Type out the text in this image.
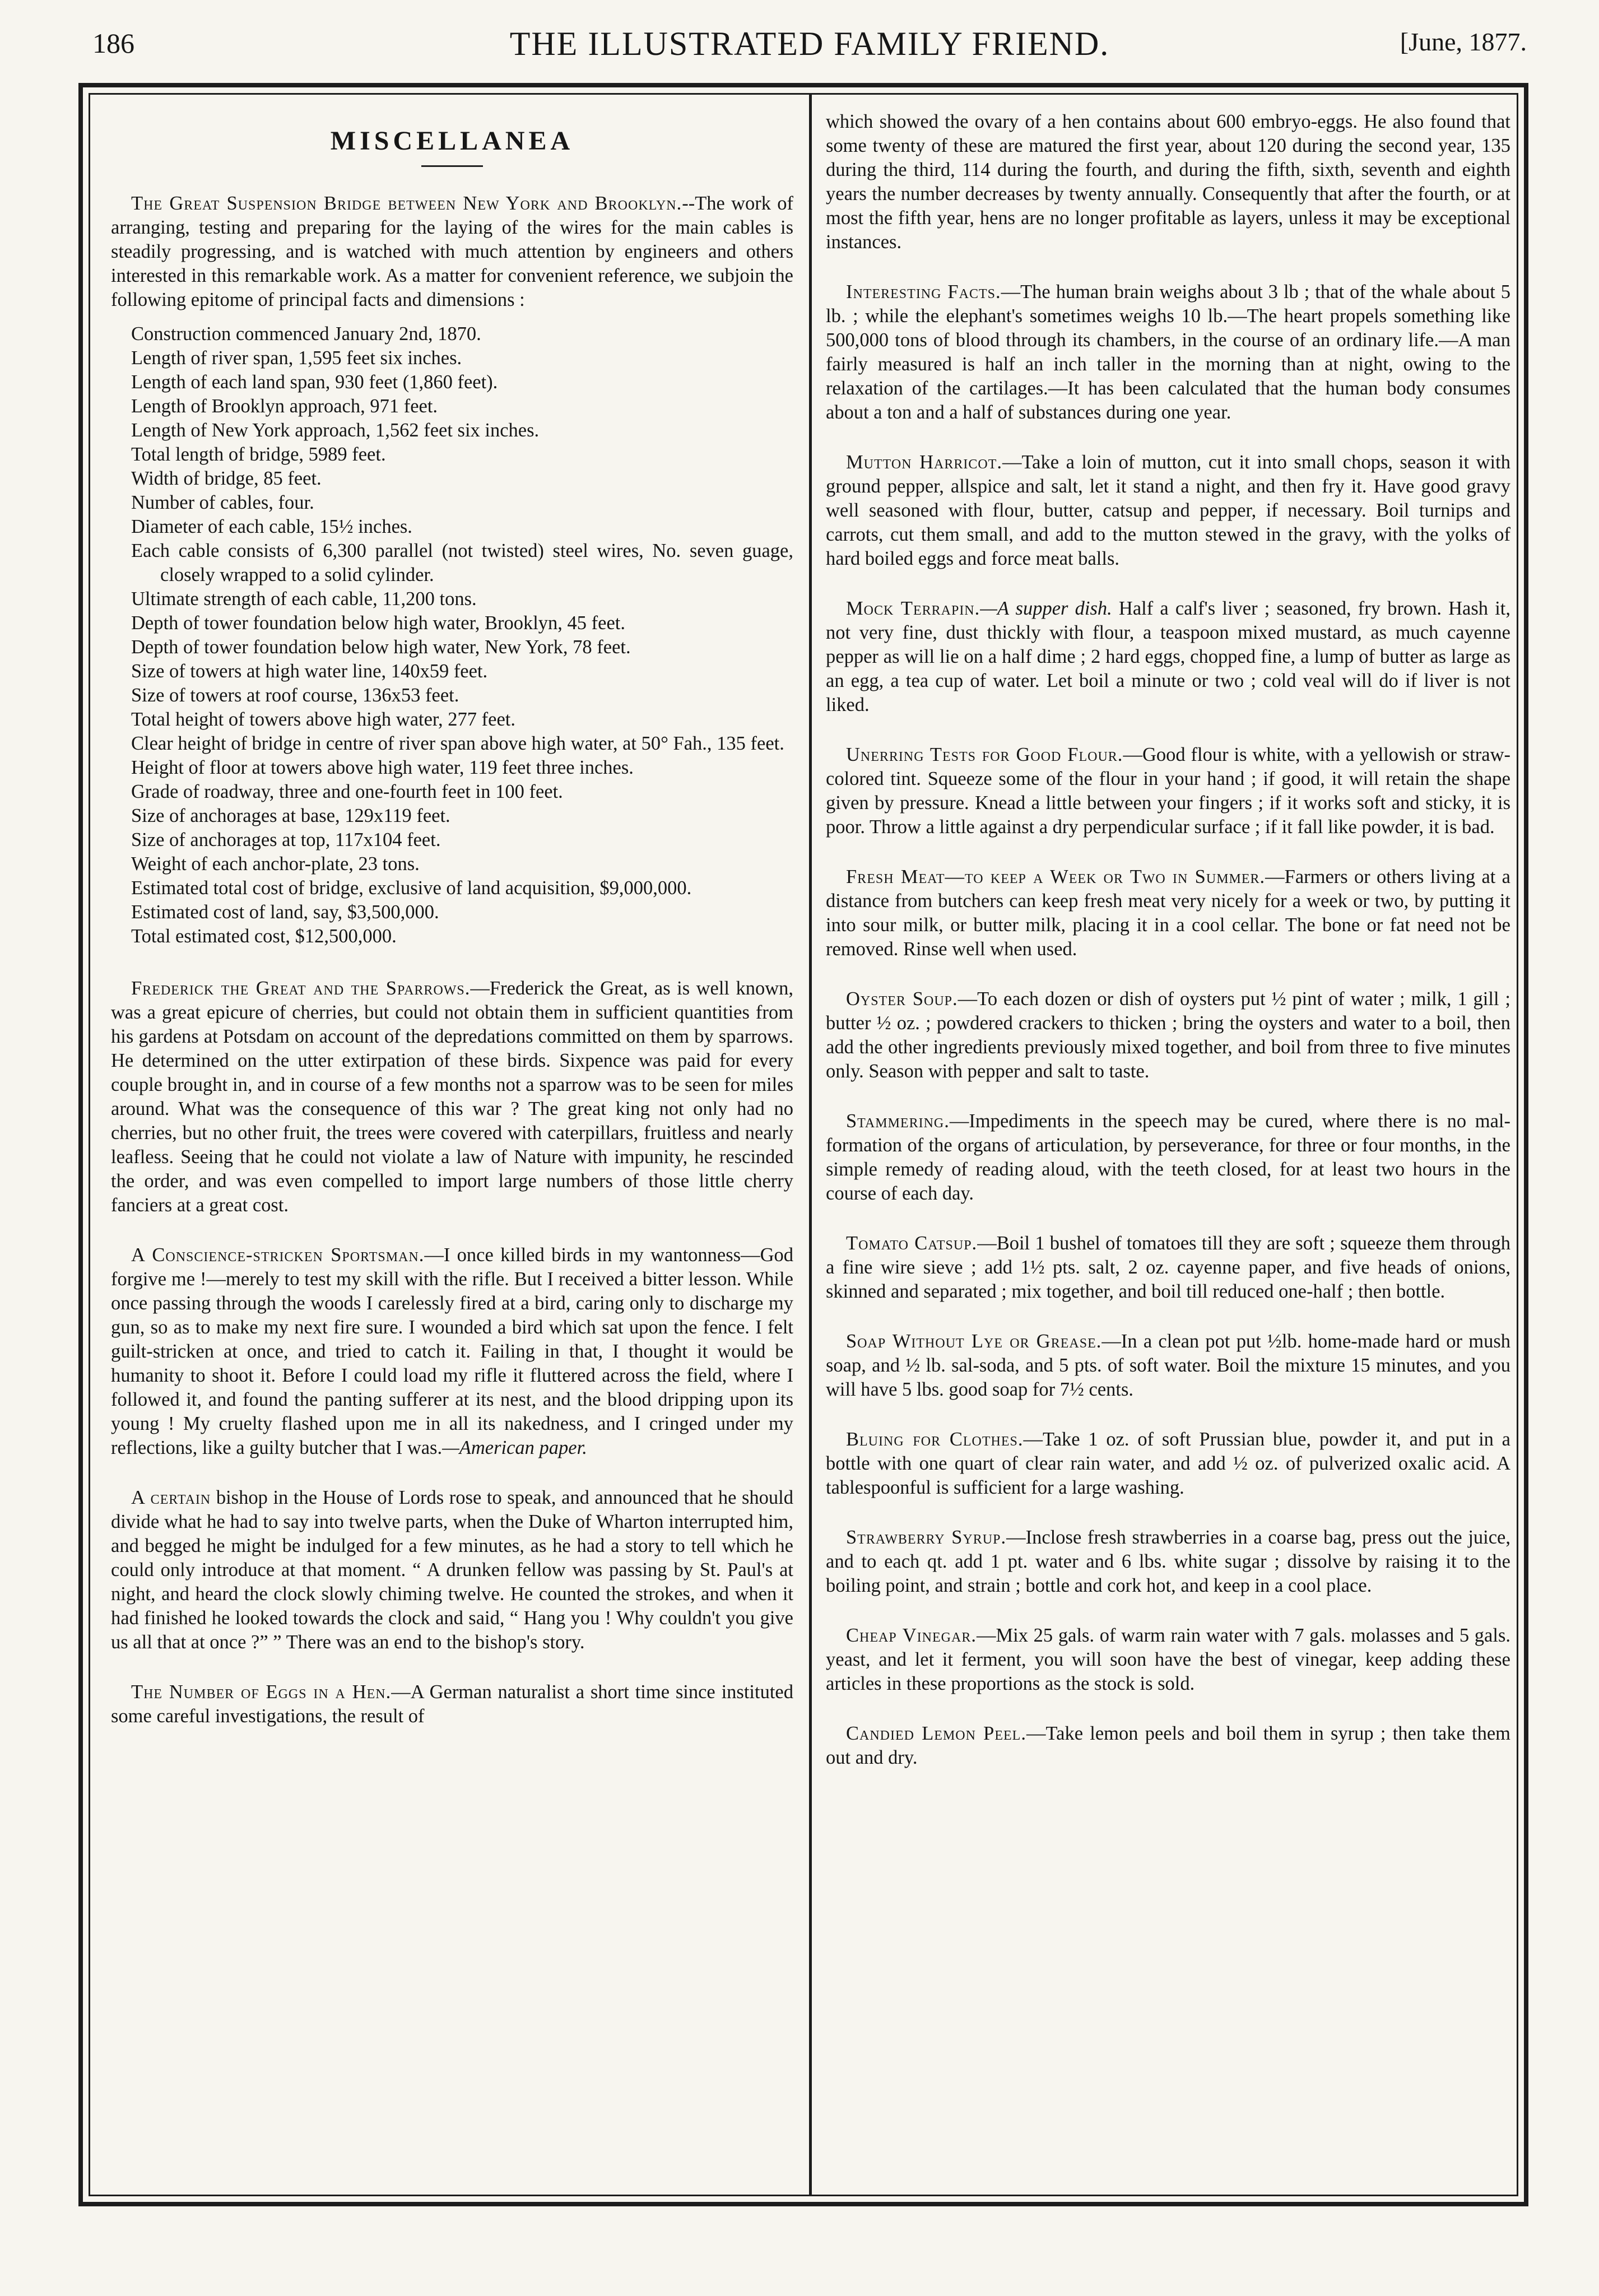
186	THE ILLUSTRATED FAMILY FRIEND.	[June, 1877.
MISCELLANEA

The Great Suspension Bridge between New York and Brooklyn.--The work of arranging, testing and preparing for the laying of the wires for the main cables is steadily progressing, and is watched with much attention by engineers and others interested in this remarkable work. As a matter for convenient reference, we subjoin the following epitome of principal facts and dimensions :

Construction commenced January 2nd, 1870.
Length of river span, 1,595 feet six inches.
Length of each land span, 930 feet (1,860 feet).
Length of Brooklyn approach, 971 feet.
Length of New York approach, 1,562 feet six inches.
Total length of bridge, 5989 feet.
Width of bridge, 85 feet.
Number of cables, four.
Diameter of each cable, 15½ inches.
Each cable consists of 6,300 parallel (not twisted) steel wires, No. seven guage, closely wrapped to a solid cylinder.
Ultimate strength of each cable, 11,200 tons.
Depth of tower foundation below high water, Brooklyn, 45 feet.
Depth of tower foundation below high water, New York, 78 feet.
Size of towers at high water line, 140x59 feet.
Size of towers at roof course, 136x53 feet.
Total height of towers above high water, 277 feet.
Clear height of bridge in centre of river span above high water, at 50° Fah., 135 feet.
Height of floor at towers above high water, 119 feet three inches.
Grade of roadway, three and one-fourth feet in 100 feet.
Size of anchorages at base, 129x119 feet.
Size of anchorages at top, 117x104 feet.
Weight of each anchor-plate, 23 tons.
Estimated total cost of bridge, exclusive of land acquisition, $9,000,000.
Estimated cost of land, say, $3,500,000.
Total estimated cost, $12,500,000.

Frederick the Great and the Sparrows.—Frederick the Great, as is well known, was a great epicure of cherries, but could not obtain them in sufficient quantities from his gardens at Potsdam on account of the depredations committed on them by sparrows. He determined on the utter extirpation of these birds. Sixpence was paid for every couple brought in, and in course of a few months not a sparrow was to be seen for miles around. What was the consequence of this war ? The great king not only had no cherries, but no other fruit, the trees were covered with caterpillars, fruitless and nearly leafless. Seeing that he could not violate a law of Nature with impunity, he rescinded the order, and was even compelled to import large numbers of those little cherry fanciers at a great cost.

A Conscience-stricken Sportsman.—I once killed birds in my wantonness—God forgive me !—merely to test my skill with the rifle. But I received a bitter lesson. While once passing through the woods I carelessly fired at a bird, caring only to discharge my gun, so as to make my next fire sure. I wounded a bird which sat upon the fence. I felt guilt-stricken at once, and tried to catch it. Failing in that, I thought it would be humanity to shoot it. Before I could load my rifle it fluttered across the field, where I followed it, and found the panting sufferer at its nest, and the blood dripping upon its young ! My cruelty flashed upon me in all its nakedness, and I cringed under my reflections, like a guilty butcher that I was.—American paper.

A certain bishop in the House of Lords rose to speak, and announced that he should divide what he had to say into twelve parts, when the Duke of Wharton interrupted him, and begged he might be indulged for a few minutes, as he had a story to tell which he could only introduce at that moment. “ A drunken fellow was passing by St. Paul's at night, and heard the clock slowly chiming twelve. He counted the strokes, and when it had finished he looked towards the clock and said, “ Hang you ! Why couldn't you give us all that at once ?” ” There was an end to the bishop's story.

The Number of Eggs in a Hen.—A German naturalist a short time since instituted some careful investigations, the result of

which showed the ovary of a hen contains about 600 embryo-eggs. He also found that some twenty of these are matured the first year, about 120 during the second year, 135 during the third, 114 during the fourth, and during the fifth, sixth, seventh and eighth years the number decreases by twenty annually. Consequently that after the fourth, or at most the fifth year, hens are no longer profitable as layers, unless it may be exceptional instances.

Interesting Facts.—The human brain weighs about 3 lb ; that of the whale about 5 lb. ; while the elephant's sometimes weighs 10 lb.—The heart propels something like 500,000 tons of blood through its chambers, in the course of an ordinary life.—A man fairly measured is half an inch taller in the morning than at night, owing to the relaxation of the cartilages.—It has been calculated that the human body consumes about a ton and a half of substances during one year.

Mutton Harricot.—Take a loin of mutton, cut it into small chops, season it with ground pepper, allspice and salt, let it stand a night, and then fry it. Have good gravy well seasoned with flour, butter, catsup and pepper, if necessary. Boil turnips and carrots, cut them small, and add to the mutton stewed in the gravy, with the yolks of hard boiled eggs and force meat balls.

Mock Terrapin.—A supper dish. Half a calf's liver ; seasoned, fry brown. Hash it, not very fine, dust thickly with flour, a teaspoon mixed mustard, as much cayenne pepper as will lie on a half dime ; 2 hard eggs, chopped fine, a lump of butter as large as an egg, a tea cup of water. Let boil a minute or two ; cold veal will do if liver is not liked.

Unerring Tests for Good Flour.—Good flour is white, with a yellowish or straw-colored tint. Squeeze some of the flour in your hand ; if good, it will retain the shape given by pressure. Knead a little between your fingers ; if it works soft and sticky, it is poor. Throw a little against a dry perpendicular surface ; if it fall like powder, it is bad.

Fresh Meat—to keep a Week or Two in Summer.—Farmers or others living at a distance from butchers can keep fresh meat very nicely for a week or two, by putting it into sour milk, or butter milk, placing it in a cool cellar. The bone or fat need not be removed. Rinse well when used.

Oyster Soup.—To each dozen or dish of oysters put ½ pint of water ; milk, 1 gill ; butter ½ oz. ; powdered crackers to thicken ; bring the oysters and water to a boil, then add the other ingredients previously mixed together, and boil from three to five minutes only. Season with pepper and salt to taste.

Stammering.—Impediments in the speech may be cured, where there is no mal-formation of the organs of articulation, by perseverance, for three or four months, in the simple remedy of reading aloud, with the teeth closed, for at least two hours in the course of each day.

Tomato Catsup.—Boil 1 bushel of tomatoes till they are soft ; squeeze them through a fine wire sieve ; add 1½ pts. salt, 2 oz. cayenne paper, and five heads of onions, skinned and separated ; mix together, and boil till reduced one-half ; then bottle.

Soap Without Lye or Grease.—In a clean pot put ½lb. home-made hard or mush soap, and ½ lb. sal-soda, and 5 pts. of soft water. Boil the mixture 15 minutes, and you will have 5 lbs. good soap for 7½ cents.

Bluing for Clothes.—Take 1 oz. of soft Prussian blue, powder it, and put in a bottle with one quart of clear rain water, and add ½ oz. of pulverized oxalic acid. A tablespoonful is sufficient for a large washing.

Strawberry Syrup.—Inclose fresh strawberries in a coarse bag, press out the juice, and to each qt. add 1 pt. water and 6 lbs. white sugar ; dissolve by raising it to the boiling point, and strain ; bottle and cork hot, and keep in a cool place.

Cheap Vinegar.—Mix 25 gals. of warm rain water with 7 gals. molasses and 5 gals. yeast, and let it ferment, you will soon have the best of vinegar, keep adding these articles in these proportions as the stock is sold.

Candied Lemon Peel.—Take lemon peels and boil them in syrup ; then take them out and dry.
